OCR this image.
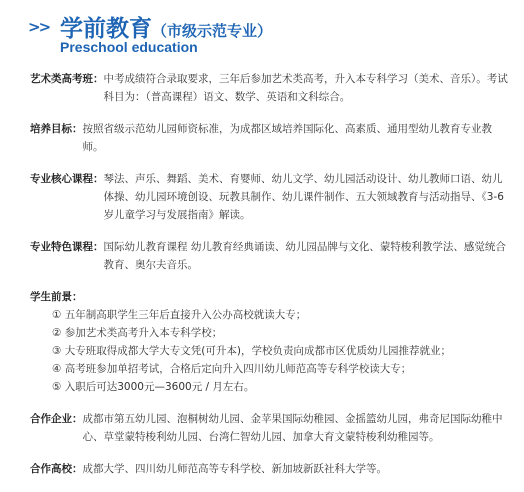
>> 学前教育（市级示范专业）
Preschool education
艺术类高考班： 中考成绩符合录取要求，三年后参加艺术类高考，升入本专科学习（美术、音乐）。考试科目为：（普高课程）语文、数学、英语和文科综合。
培养目标： 按照省级示范幼儿园师资标准，为成都区域培养国际化、高素质、通用型幼儿教育专业教师。
专业核心课程： 琴法、声乐、舞蹈、美术、育婴师、幼儿文学、幼儿园活动设计、幼儿教师口语、幼儿体操、幼儿园环境创设、玩教具制作、幼儿课件制作、五大领域教育与活动指导、《3-6岁儿童学习与发展指南》解读。
专业特色课程： 国际幼儿教育课程 幼儿教育经典诵读、幼儿园品牌与文化、蒙特梭利教学法、感觉统合教育、奥尔夫音乐。
学生前景：
① 五年制高职学生三年后直接升入公办高校就读大专；
② 参加艺术类高考升入本专科学校；
③ 大专班取得成都大学大专文凭(可升本)，学校负责向成都市区优质幼儿园推荐就业；
④ 高考班参加单招考试，合格后定向升入四川幼儿师范高等专科学校读大专；
⑤ 入职后可达3000元—3600元 / 月左右。
合作企业： 成都市第五幼儿园、泡桐树幼儿园、金苹果国际幼稚园、金摇篮幼儿园，弗奇尼国际幼稚中心、草堂蒙特梭利幼儿园、台湾仁智幼儿园、加拿大育文蒙特梭利幼稚园等。
合作高校： 成都大学、四川幼儿师范高等专科学校、新加坡新跃社科大学等。
